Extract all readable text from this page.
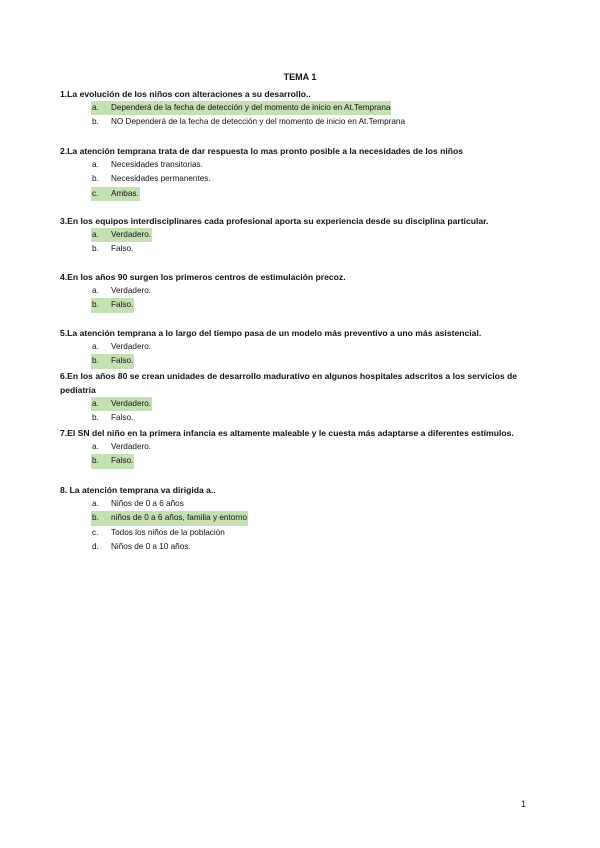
TEMA 1
1.La evolución de los niños con alteraciones a su desarrollo..
a.	Dependerá de la fecha de detección y del momento de inicio en At.Temprana
b.	NO Dependerá de la fecha de detección y del momento de inicio en At.Temprana
2.La atención temprana trata de dar respuesta lo mas pronto posible a la necesidades de los niños
a.	Necesidades transitorias.
b.	Necesidades permanentes.
c.	Ambas.
3.En los equipos interdisciplinares cada profesional aporta su experiencia desde su disciplina particular.
a.	Verdadero.
b.	Falso.
4.En los años 90 surgen los primeros centros de estimulación precoz.
a.	Verdadero.
b.	Falso.
5.La atención temprana a lo largo del tiempo pasa de un modelo más preventivo a uno más asistencial.
a.	Verdadero.
b.	Falso.
6.En los años 80 se crean unidades de desarrollo madurativo en algunos hospitales adscritos a los servicios de pediatría
a.	Verdadero.
b.	Falso.
7.El SN del niño en la primera infancia es altamente maleable y le cuesta más adaptarse a diferentes estímulos.
a.	Verdadero.
b.	Falso.
8. La atención temprana va dirigida a..
a.	Niños de 0 a 6 años
b.	niños de 0 a 6 años, familia y entorno
c.	Todos los niños de la población
d.	Niños de 0 a 10 años.
1
